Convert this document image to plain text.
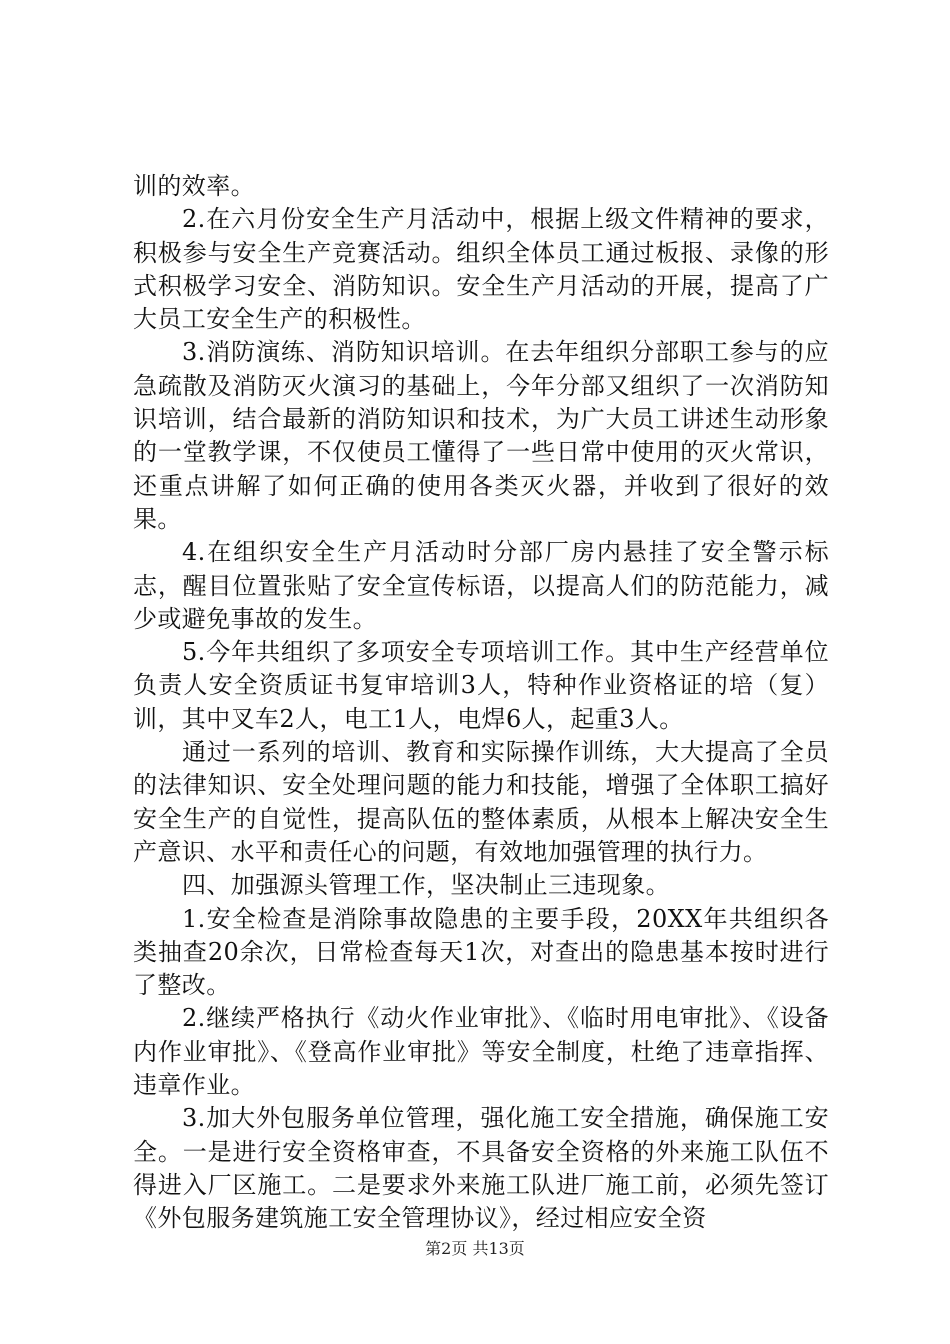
训的效率。

2.在六月份安全生产月活动中，根据上级文件精神的要求，积极参与安全生产竞赛活动。组织全体员工通过板报、录像的形式积极学习安全、消防知识。安全生产月活动的开展，提高了广大员工安全生产的积极性。

3.消防演练、消防知识培训。在去年组织分部职工参与的应急疏散及消防灭火演习的基础上，今年分部又组织了一次消防知识培训，结合最新的消防知识和技术，为广大员工讲述生动形象的一堂教学课，不仅使员工懂得了一些日常中使用的灭火常识，还重点讲解了如何正确的使用各类灭火器，并收到了很好的效果。

4.在组织安全生产月活动时分部厂房内悬挂了安全警示标志，醒目位置张贴了安全宣传标语，以提高人们的防范能力，减少或避免事故的发生。

5.今年共组织了多项安全专项培训工作。其中生产经营单位负责人安全资质证书复审培训3人，特种作业资格证的培（复）训，其中叉车2人，电工1人，电焊6人，起重3人。

通过一系列的培训、教育和实际操作训练，大大提高了全员的法律知识、安全处理问题的能力和技能，增强了全体职工搞好安全生产的自觉性，提高队伍的整体素质，从根本上解决安全生产意识、水平和责任心的问题，有效地加强管理的执行力。

四、加强源头管理工作，坚决制止三违现象。

1.安全检查是消除事故隐患的主要手段，20XX年共组织各类抽查20余次，日常检查每天1次，对查出的隐患基本按时进行了整改。

2.继续严格执行《动火作业审批》、《临时用电审批》、《设备内作业审批》、《登高作业审批》等安全制度，杜绝了违章指挥、违章作业。

3.加大外包服务单位管理，强化施工安全措施，确保施工安全。一是进行安全资格审查，不具备安全资格的外来施工队伍不得进入厂区施工。二是要求外来施工队进厂施工前，必须先签订《外包服务建筑施工安全管理协议》，经过相应安全资

第2页 共13页
